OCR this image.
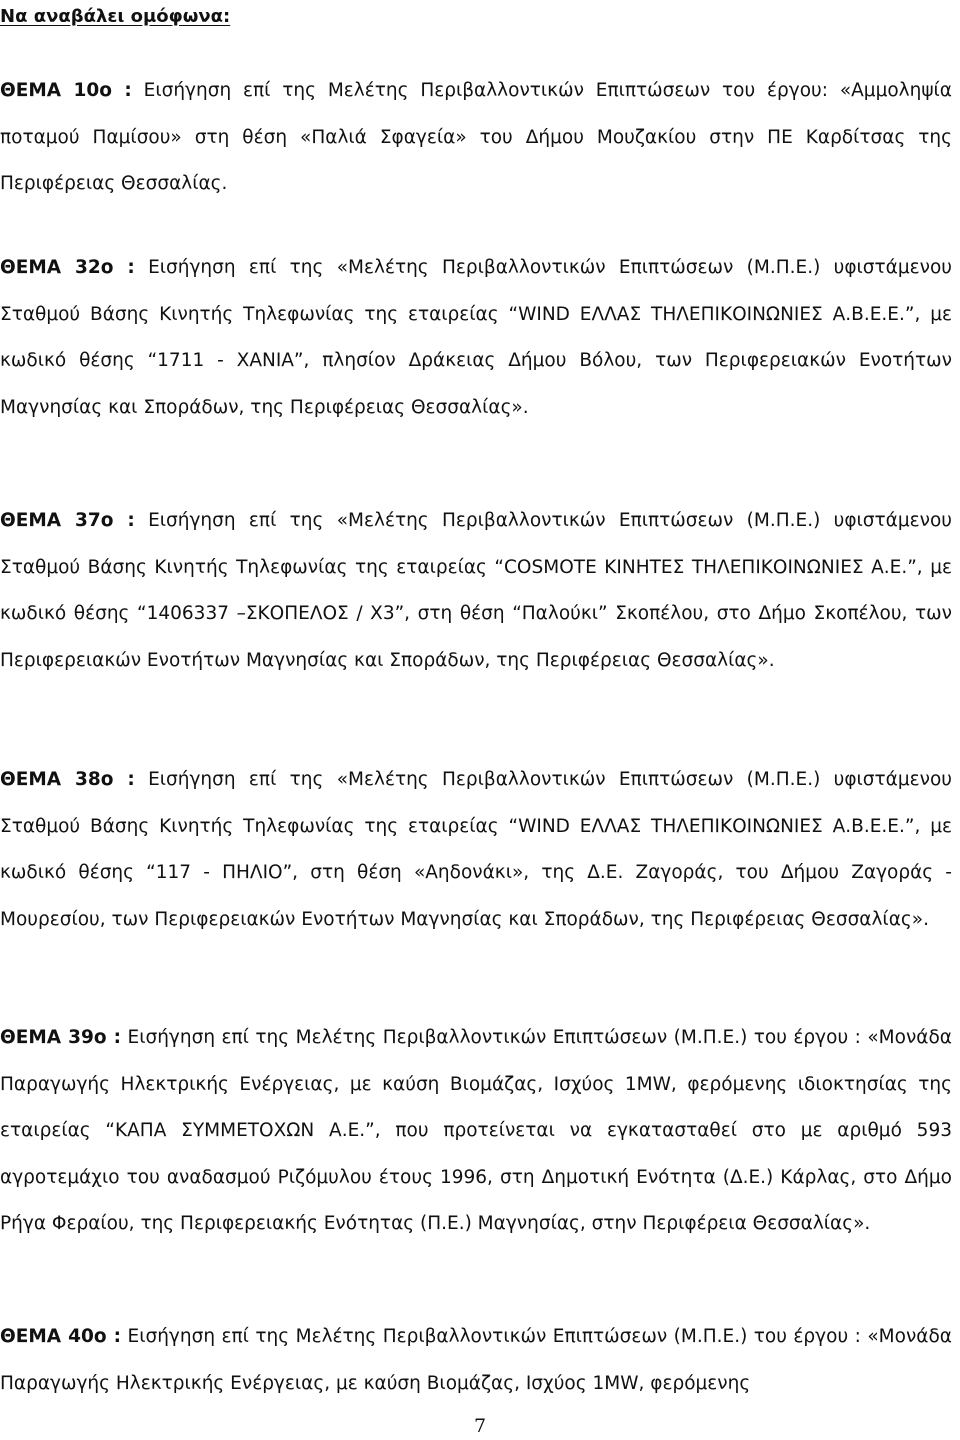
Να αναβάλει ομόφωνα:
ΘΕΜΑ 10ο : Εισήγηση επί της Μελέτης Περιβαλλοντικών Επιπτώσεων του έργου: «Αμμοληψία ποταμού Παμίσου» στη θέση «Παλιά Σφαγεία» του Δήμου Μουζακίου στην ΠΕ Καρδίτσας της Περιφέρειας Θεσσαλίας.
ΘΕΜΑ 32ο : Εισήγηση επί της «Μελέτης Περιβαλλοντικών Επιπτώσεων (Μ.Π.Ε.) υφιστάμενου Σταθμού Βάσης Κινητής Τηλεφωνίας της εταιρείας “WIND ΕΛΛΑΣ ΤΗΛΕΠΙΚΟΙΝΩΝΙΕΣ Α.Β.Ε.Ε.”, με κωδικό θέσης “1711 - ΧΑΝΙΑ”, πλησίον Δράκειας Δήμου Βόλου, των Περιφερειακών Ενοτήτων Μαγνησίας και Σποράδων, της Περιφέρειας Θεσσαλίας».
ΘΕΜΑ 37ο : Εισήγηση επί της «Μελέτης Περιβαλλοντικών Επιπτώσεων (Μ.Π.Ε.) υφιστάμενου Σταθμού Βάσης Κινητής Τηλεφωνίας της εταιρείας “COSMOTE ΚΙΝΗΤΕΣ ΤΗΛΕΠΙΚΟΙΝΩΝΙΕΣ Α.Ε.”, με κωδικό θέσης “1406337 –ΣΚΟΠΕΛΟΣ / Χ3”, στη θέση “Παλούκι” Σκοπέλου, στο Δήμο Σκοπέλου, των Περιφερειακών Ενοτήτων Μαγνησίας και Σποράδων, της Περιφέρειας Θεσσαλίας».
ΘΕΜΑ 38ο : Εισήγηση επί της «Μελέτης Περιβαλλοντικών Επιπτώσεων (Μ.Π.Ε.) υφιστάμενου Σταθμού Βάσης Κινητής Τηλεφωνίας της εταιρείας “WIND ΕΛΛΑΣ ΤΗΛΕΠΙΚΟΙΝΩΝΙΕΣ Α.Β.Ε.Ε.”, με κωδικό θέσης “117 - ΠΗΛΙΟ”, στη θέση «Αηδονάκι», της Δ.Ε. Ζαγοράς, του Δήμου Ζαγοράς - Μουρεσίου, των Περιφερειακών Ενοτήτων Μαγνησίας και Σποράδων, της Περιφέρειας Θεσσαλίας».
ΘΕΜΑ 39ο : Εισήγηση επί της Μελέτης Περιβαλλοντικών Επιπτώσεων (Μ.Π.Ε.) του έργου : «Μονάδα Παραγωγής Ηλεκτρικής Ενέργειας, με καύση Βιομάζας, Ισχύος 1MW, φερόμενης ιδιοκτησίας της εταιρείας “ΚΑΠΑ ΣΥΜΜΕΤΟΧΩΝ Α.Ε.”, που προτείνεται να εγκατασταθεί στο με αριθμό 593 αγροτεμάχιο του αναδασμού Ριζόμυλου έτους 1996, στη Δημοτική Ενότητα (Δ.Ε.) Κάρλας, στο Δήμο Ρήγα Φεραίου, της Περιφερειακής Ενότητας (Π.Ε.) Μαγνησίας, στην Περιφέρεια Θεσσαλίας».
ΘΕΜΑ 40ο : Εισήγηση επί της Μελέτης Περιβαλλοντικών Επιπτώσεων (Μ.Π.Ε.) του έργου : «Μονάδα Παραγωγής Ηλεκτρικής Ενέργειας, με καύση Βιομάζας, Ισχύος 1MW, φερόμενης
7
